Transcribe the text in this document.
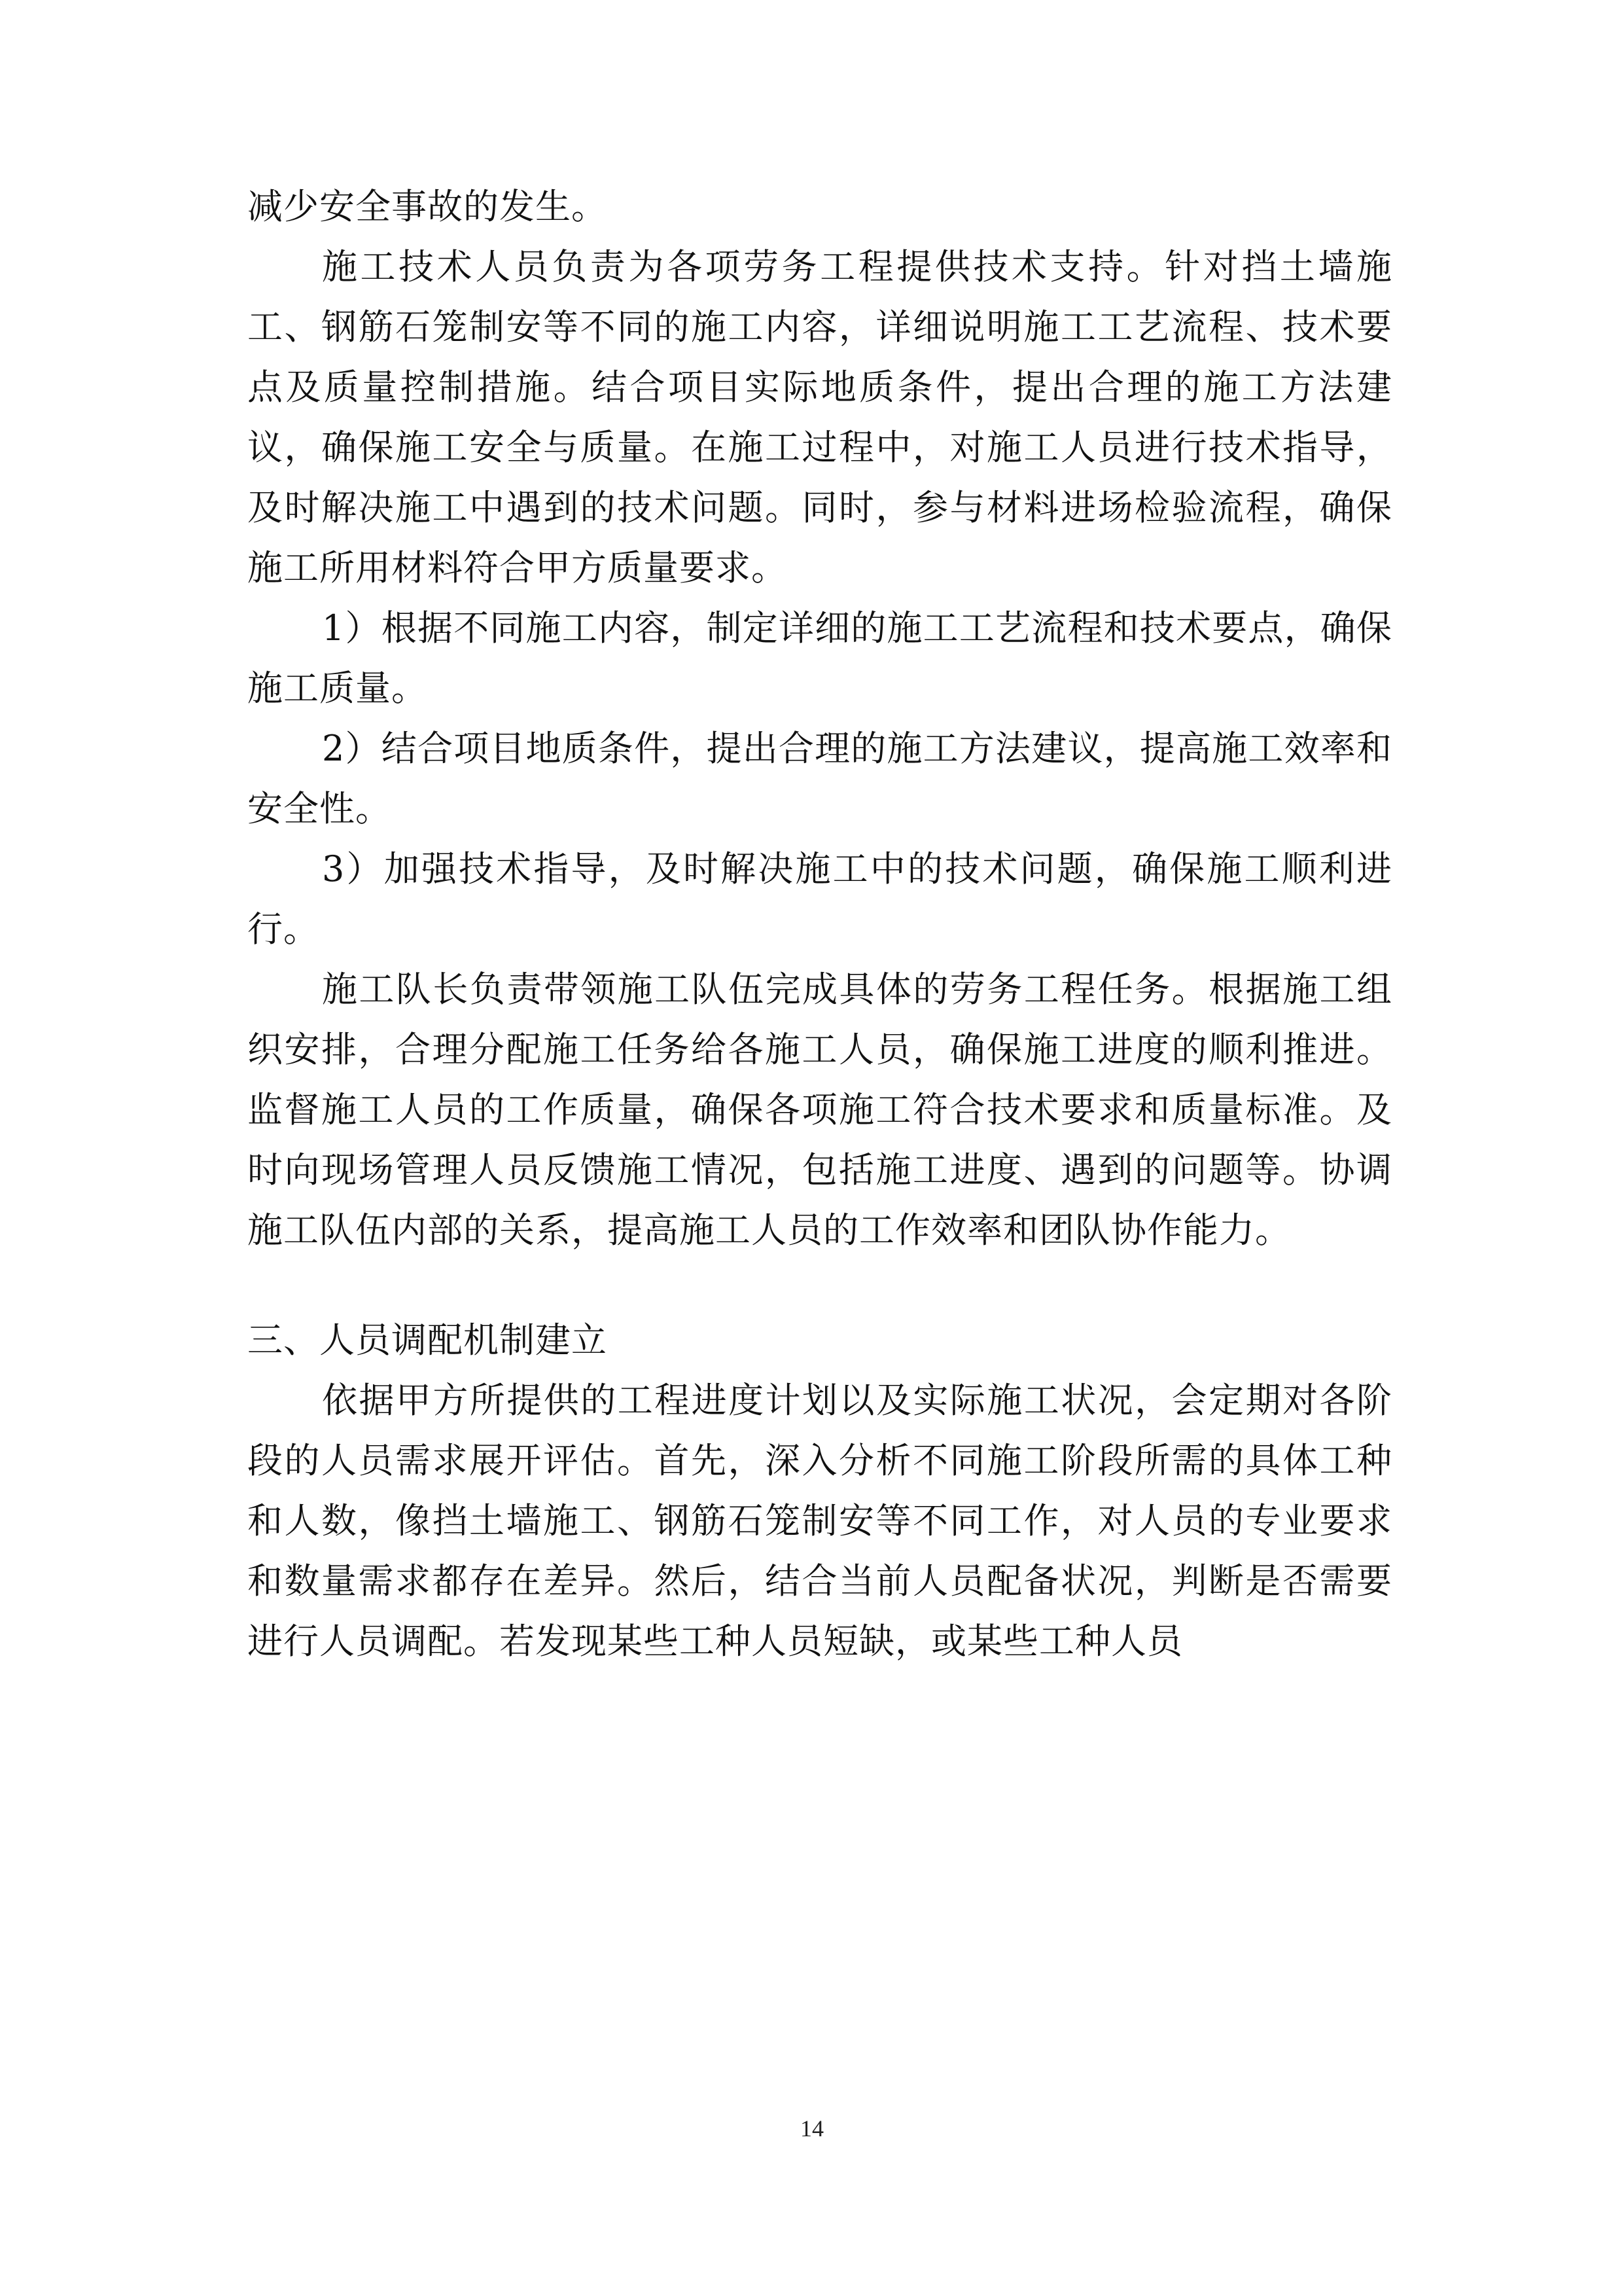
减少安全事故的发生。

施工技术人员负责为各项劳务工程提供技术支持。针对挡土墙施工、钢筋石笼制安等不同的施工内容，详细说明施工工艺流程、技术要点及质量控制措施。结合项目实际地质条件，提出合理的施工方法建议，确保施工安全与质量。在施工过程中，对施工人员进行技术指导，及时解决施工中遇到的技术问题。同时，参与材料进场检验流程，确保施工所用材料符合甲方质量要求。

1）根据不同施工内容，制定详细的施工工艺流程和技术要点，确保施工质量。

2）结合项目地质条件，提出合理的施工方法建议，提高施工效率和安全性。

3）加强技术指导，及时解决施工中的技术问题，确保施工顺利进行。

施工队长负责带领施工队伍完成具体的劳务工程任务。根据施工组织安排，合理分配施工任务给各施工人员，确保施工进度的顺利推进。监督施工人员的工作质量，确保各项施工符合技术要求和质量标准。及时向现场管理人员反馈施工情况，包括施工进度、遇到的问题等。协调施工队伍内部的关系，提高施工人员的工作效率和团队协作能力。

三、人员调配机制建立

依据甲方所提供的工程进度计划以及实际施工状况，会定期对各阶段的人员需求展开评估。首先，深入分析不同施工阶段所需的具体工种和人数，像挡土墙施工、钢筋石笼制安等不同工作，对人员的专业要求和数量需求都存在差异。然后，结合当前人员配备状况，判断是否需要进行人员调配。若发现某些工种人员短缺，或某些工种人员

14
